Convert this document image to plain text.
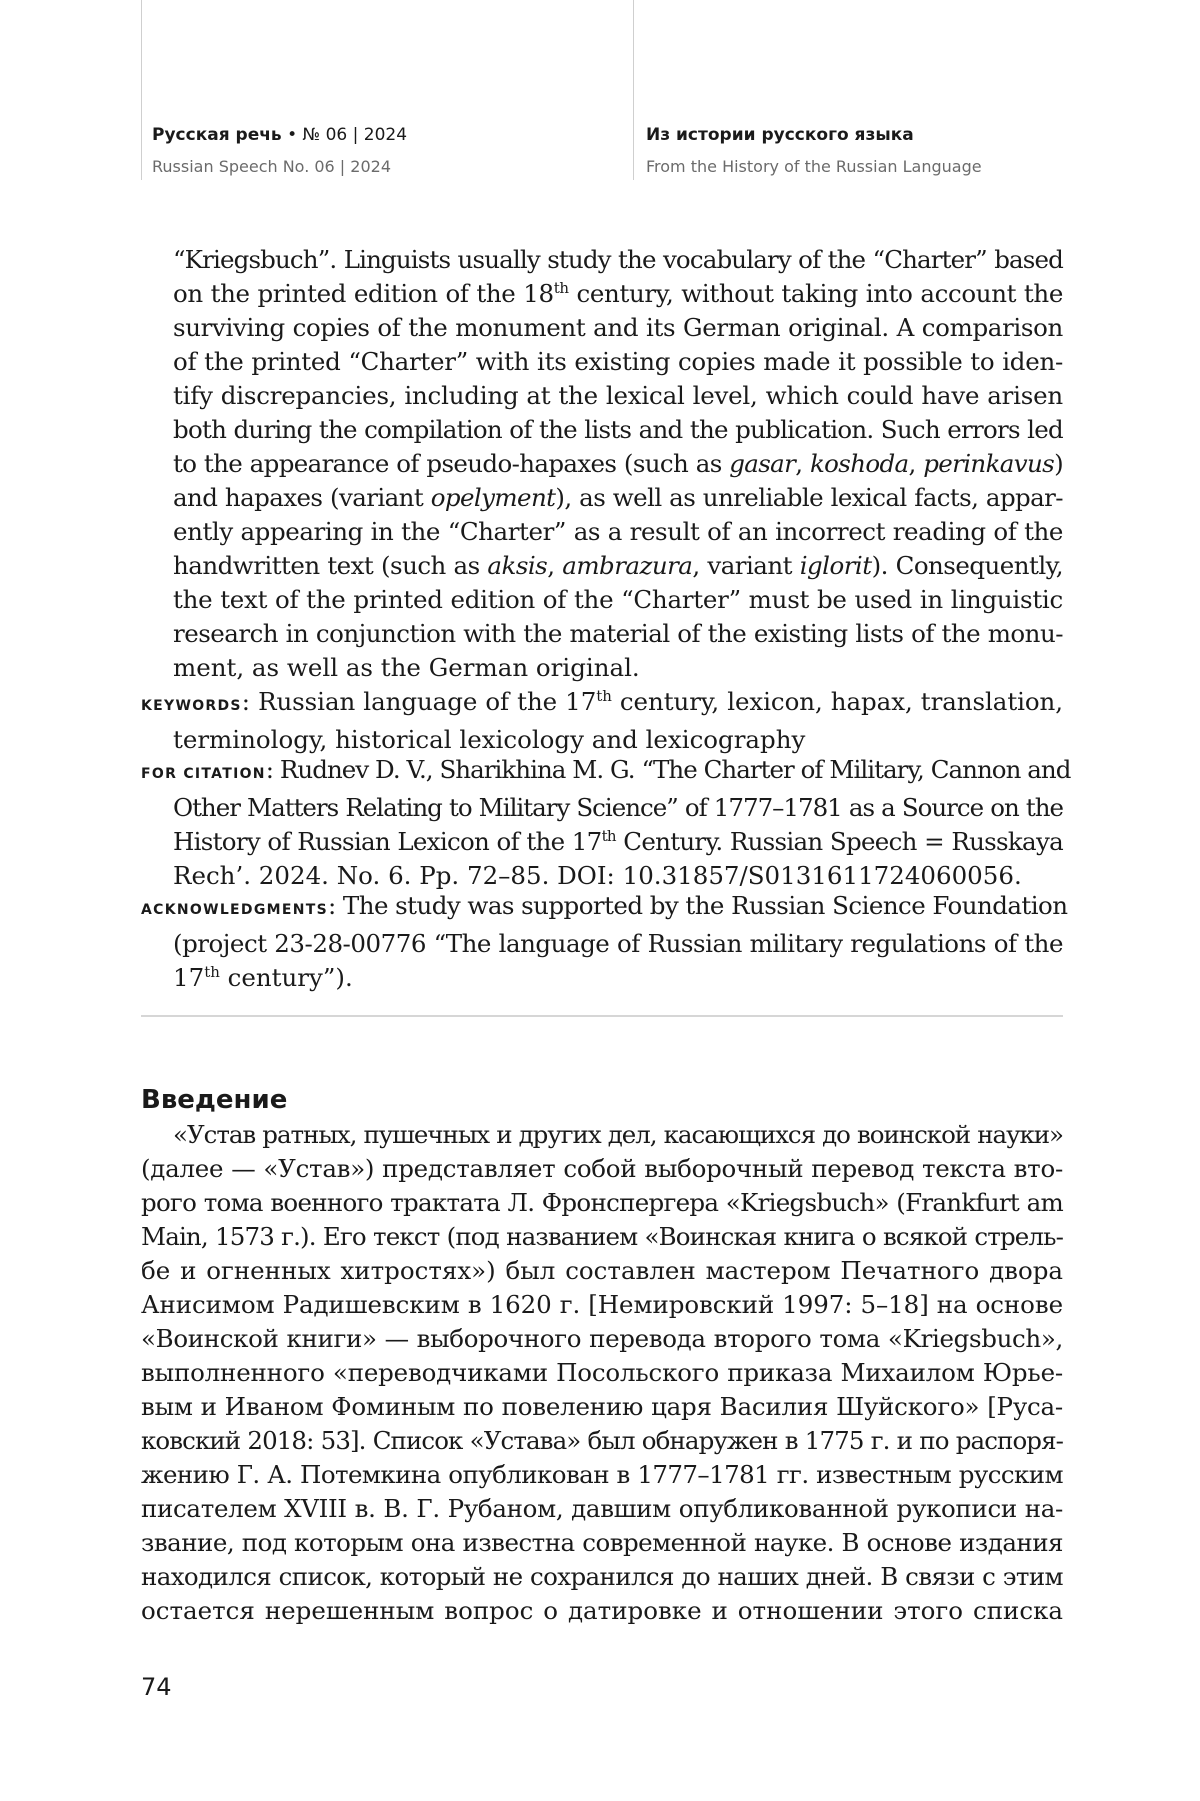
Русская речь • № 06 | 2024
Russian Speech No. 06 | 2024
Из истории русского языка
From the History of the Russian Language
“Kriegsbuch”. Linguists usually study the vocabulary of the “Charter” based
on the printed edition of the 18th century, without taking into account the
surviving copies of the monument and its German original. A comparison
of the printed “Charter” with its existing copies made it possible to iden-
tify discrepancies, including at the lexical level, which could have arisen
both during the compilation of the lists and the publication. Such errors led
to the appearance of pseudo-hapaxes (such as gasar, koshoda, perinkavus)
and hapaxes (variant opelyment), as well as unreliable lexical facts, appar-
ently appearing in the “Charter” as a result of an incorrect reading of the
handwritten text (such as aksis, ambrazura, variant iglorit). Consequently,
the text of the printed edition of the “Charter” must be used in linguistic
research in conjunction with the material of the existing lists of the monu-
ment, as well as the German original.
KEYWORDS: Russian language of the 17th century, lexicon, hapax, translation,
terminology, historical lexicology and lexicography
FOR CITATION: Rudnev D. V., Sharikhina M. G. “The Charter of Military, Cannon and
Other Matters Relating to Military Science” of 1777–1781 as a Source on the
History of Russian Lexicon of the 17th Century. Russian Speech = Russkaya
Rech’. 2024. No. 6. Pp. 72–85. DOI: 10.31857/S0131611724060056.
ACKNOWLEDGMENTS: The study was supported by the Russian Science Foundation
(project 23-28-00776 “The language of Russian military regulations of the
17th century”).
Введение
«Устав ратных, пушечных и других дел, касающихся до воинской науки»
(далее — «Устав») представляет собой выборочный перевод текста вто-
рого тома военного трактата Л. Фронспергера «Kriegsbuch» (Frankfurt am
Main, 1573 г.). Его текст (под названием «Воинская книга о всякой стрель-
бе и огненных хитростях») был составлен мастером Печатного двора
Анисимом Радишевским в 1620 г. [Немировский 1997: 5–18] на основе
«Воинской книги» — выборочного перевода второго тома «Kriegsbuch»,
выполненного «переводчиками Посольского приказа Михаилом Юрье-
вым и Иваном Фоминым по повелению царя Василия Шуйского» [Руса-
ковский 2018: 53]. Список «Устава» был обнаружен в 1775 г. и по распоря-
жению Г. А. Потемкина опубликован в 1777–1781 гг. известным русским
писателем XVIII в. В. Г. Рубаном, давшим опубликованной рукописи на-
звание, под которым она известна современной науке. В основе издания
находился список, который не сохранился до наших дней. В связи с этим
остается нерешенным вопрос о датировке и отношении этого списка
74
